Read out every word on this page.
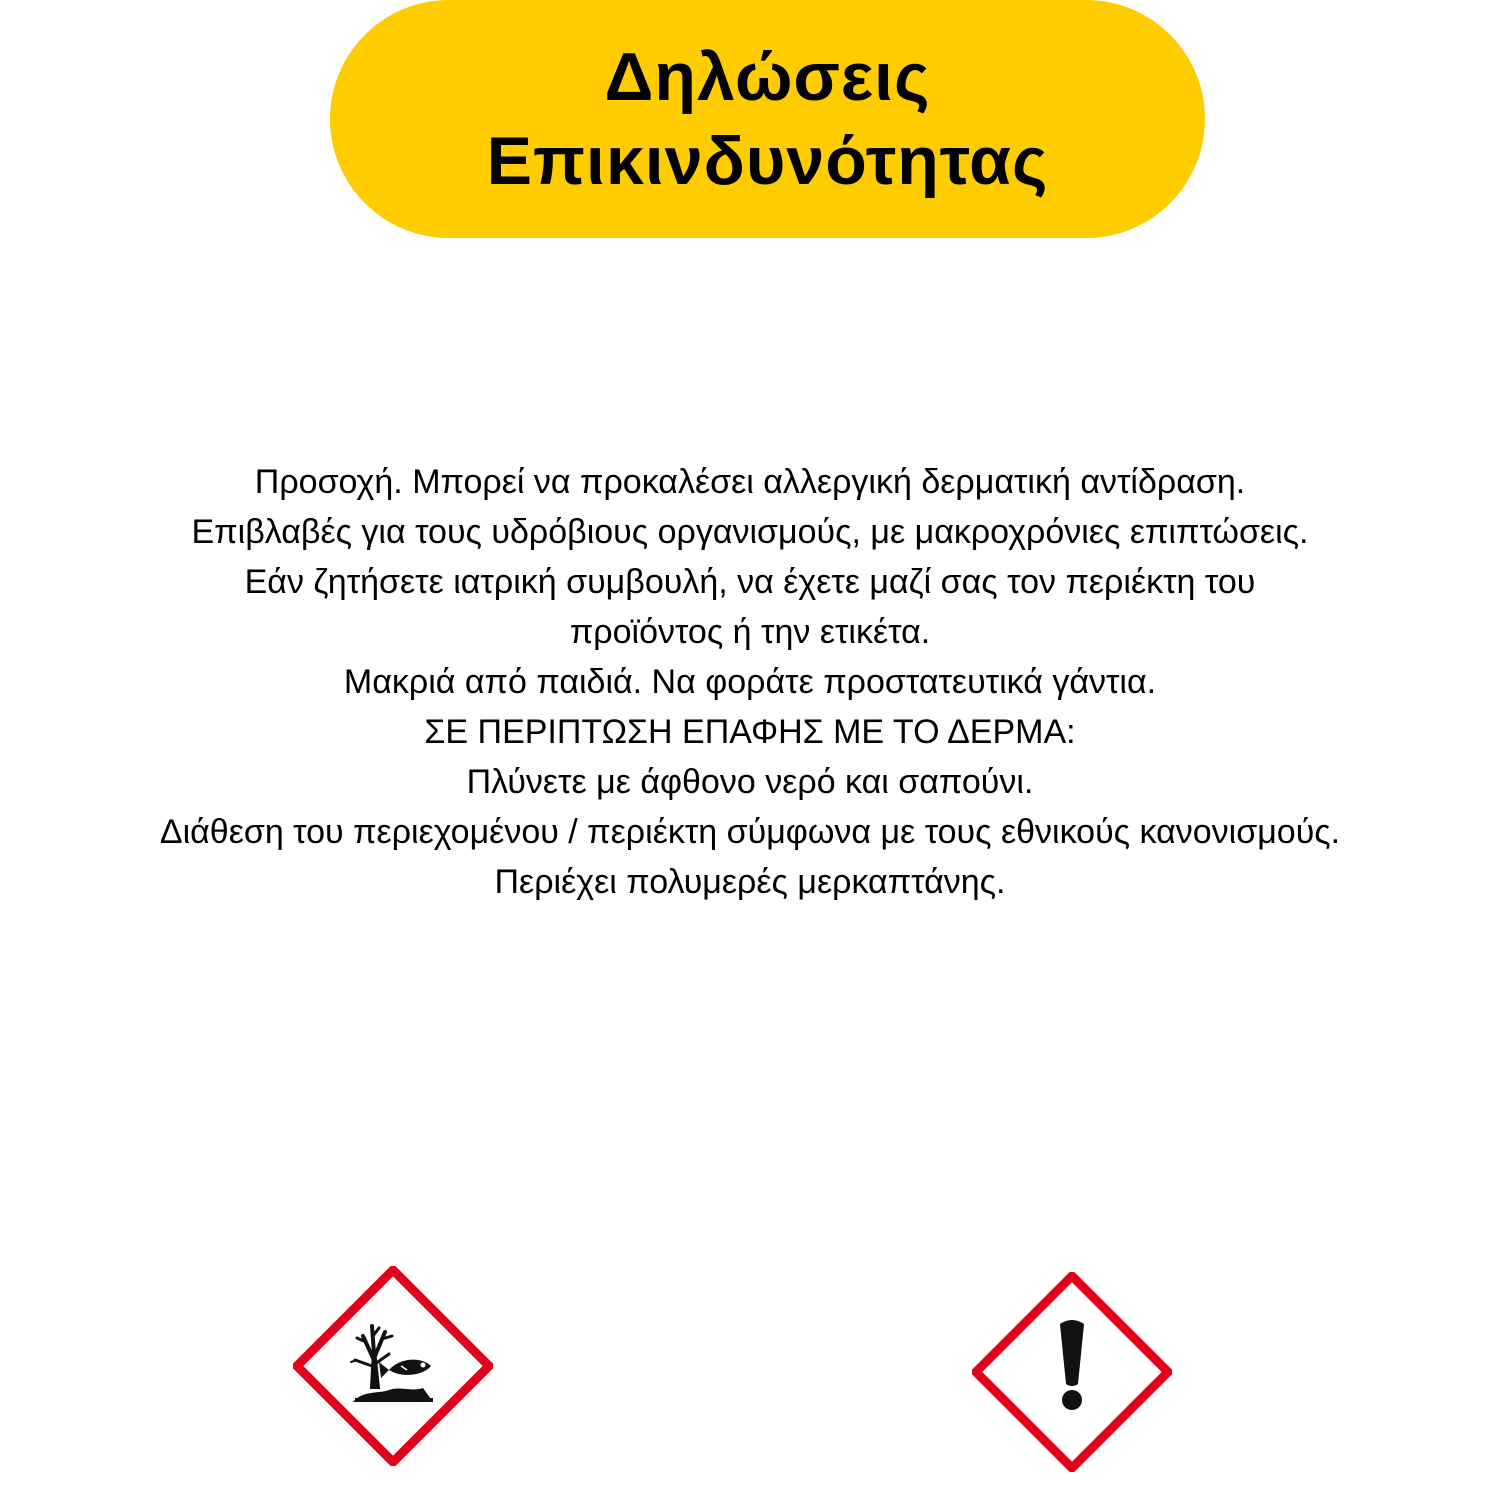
Δηλώσεις
Επικινδυνότητας
Προσοχή. Μπορεί να προκαλέσει αλλεργική δερματική αντίδραση.
Επιβλαβές για τους υδρόβιους οργανισμούς, με μακροχρόνιες επιπτώσεις.
Εάν ζητήσετε ιατρική συμβουλή, να έχετε μαζί σας τον περιέκτη του
προϊόντος ή την ετικέτα.
Μακριά από παιδιά. Να φοράτε προστατευτικά γάντια.
ΣΕ ΠΕΡΙΠΤΩΣΗ ΕΠΑΦΗΣ ΜΕ ΤΟ ΔΕΡΜΑ:
Πλύνετε με άφθονο νερό και σαπούνι.
Διάθεση του περιεχομένου / περιέκτη σύμφωνα με τους εθνικούς κανονισμούς.
Περιέχει πολυμερές μερκαπτάνης.
